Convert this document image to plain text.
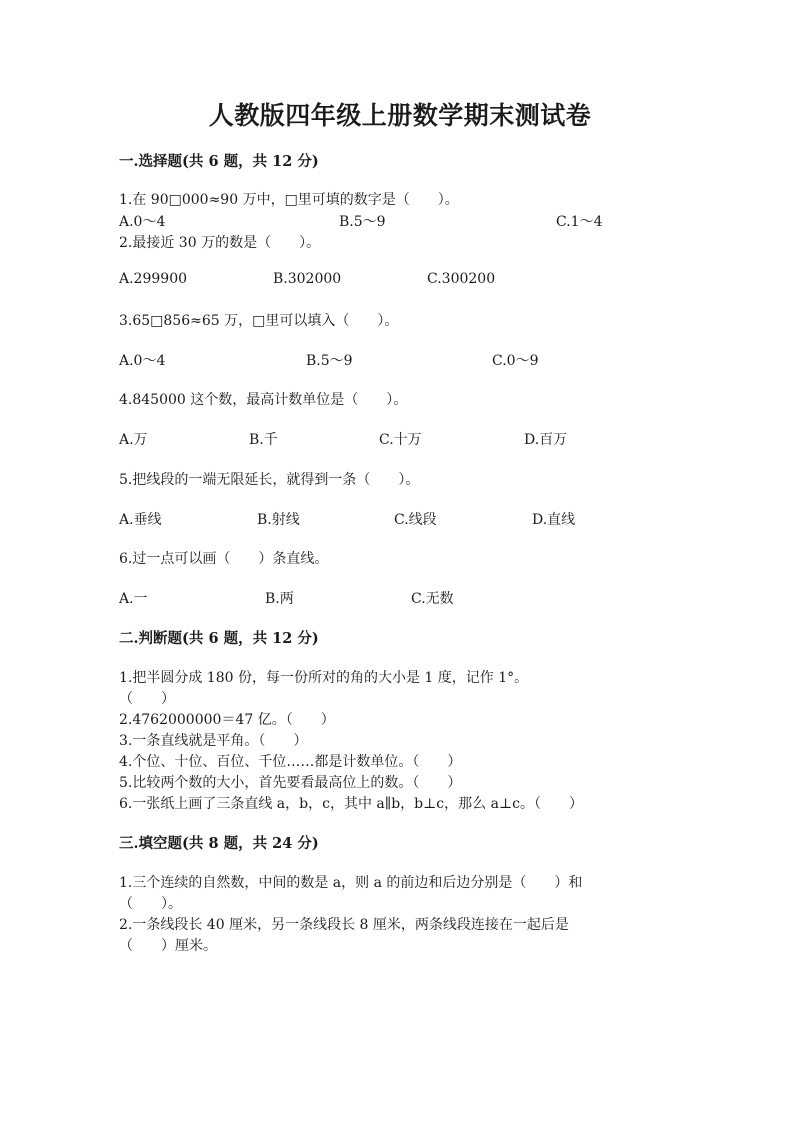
人教版四年级上册数学期末测试卷
一.选择题(共 6 题，共 12 分)
1.在 90□000≈90 万中，□里可填的数字是（　　）。
A.0～4	B.5～9	C.1～4
2.最接近 30 万的数是（　　）。
A.299900	B.302000	C.300200
3.65□856≈65 万，□里可以填入（　　）。
A.0～4	B.5～9	C.0～9
4.845000 这个数，最高计数单位是（　　）。
A.万	B.千	C.十万	D.百万
5.把线段的一端无限延长，就得到一条（　　）。
A.垂线	B.射线	C.线段	D.直线
6.过一点可以画（　　）条直线。
A.一	B.两	C.无数
二.判断题(共 6 题，共 12 分)
1.把半圆分成 180 份，每一份所对的角的大小是 1 度，记作 1°。
（　　）
2.4762000000＝47 亿。（　　）
3.一条直线就是平角。（　　）
4.个位、十位、百位、千位……都是计数单位。（　　）
5.比较两个数的大小，首先要看最高位上的数。（　　）
6.一张纸上画了三条直线 a，b，c，其中 a∥b，b⊥c，那么 a⊥c。（　　）
三.填空题(共 8 题，共 24 分)
1.三个连续的自然数，中间的数是 a，则 a 的前边和后边分别是（　　）和
（　　）。
2.一条线段长 40 厘米，另一条线段长 8 厘米，两条线段连接在一起后是
（　　）厘米。
